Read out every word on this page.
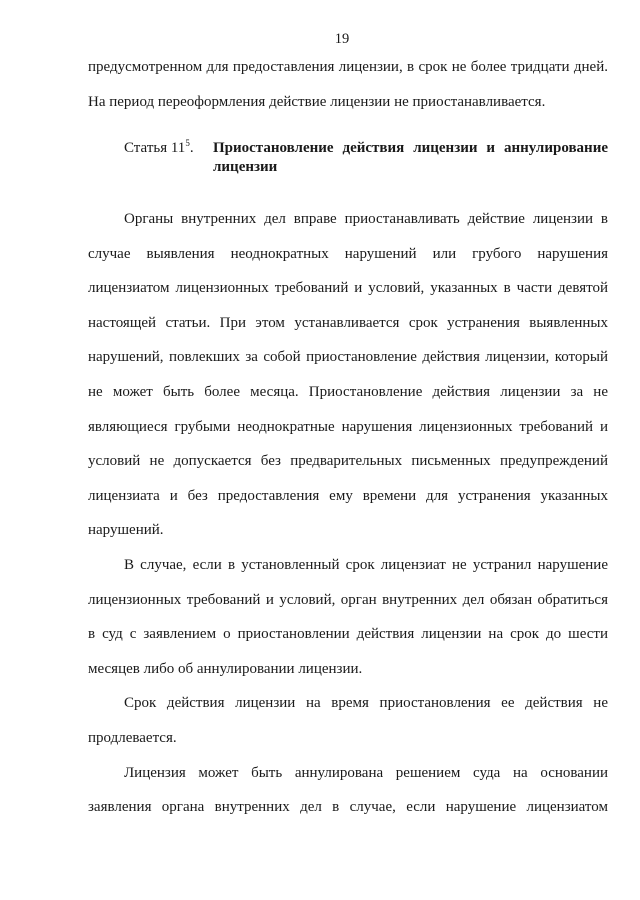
19
предусмотренном для предоставления лицензии, в срок не более тридцати дней.
На период переоформления действие лицензии не приостанавливается.
Статья $11^5$. Приостановление действия лицензии и аннулирование
лицензии
Органы внутренних дел вправе приостанавливать действие лицензии в
случае выявления неоднократных нарушений или грубого нарушения
лицензиатом лицензионных требований и условий, указанных в части девятой
настоящей статьи. При этом устанавливается срок устранения выявленных
нарушений, повлекших за собой приостановление действия лицензии, который
не может быть более месяца. Приостановление действия лицензии за не
являющиеся грубыми неоднократные нарушения лицензионных требований и
условий не допускается без предварительных письменных предупреждений
лицензиата и без предоставления ему времени для устранения указанных
нарушений.
В случае, если в установленный срок лицензиат не устранил нарушение
лицензионных требований и условий, орган внутренних дел обязан обратиться
в суд с заявлением о приостановлении действия лицензии на срок до шести
месяцев либо об аннулировании лицензии.
Срок действия лицензии на время приостановления ее действия не
продлевается.
Лицензия может быть аннулирована решением суда на основании
заявления органа внутренних дел в случае, если нарушение лицензиатом
